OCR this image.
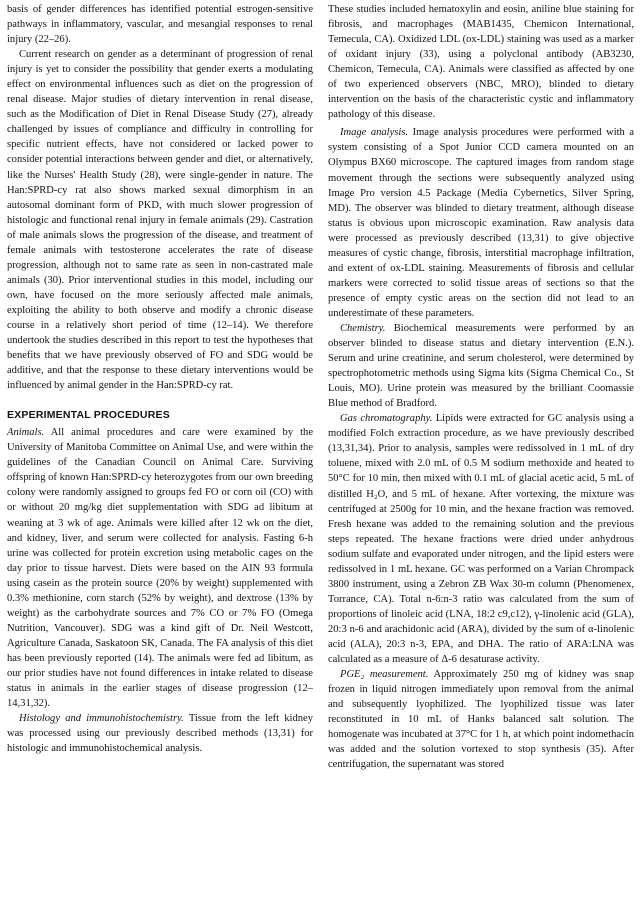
basis of gender differences has identified potential estrogen-sensitive pathways in inflammatory, vascular, and mesangial responses to renal injury (22–26).

Current research on gender as a determinant of progression of renal injury is yet to consider the possibility that gender exerts a modulating effect on environmental influences such as diet on the progression of renal disease. Major studies of dietary intervention in renal disease, such as the Modification of Diet in Renal Disease Study (27), already challenged by issues of compliance and difficulty in controlling for specific nutrient effects, have not considered or lacked power to consider potential interactions between gender and diet, or alternatively, like the Nurses' Health Study (28), were single-gender in nature. The Han:SPRD-cy rat also shows marked sexual dimorphism in an autosomal dominant form of PKD, with much slower progression of histologic and functional renal injury in female animals (29). Castration of male animals slows the progression of the disease, and treatment of female animals with testosterone accelerates the rate of disease progression, although not to same rate as seen in non-castrated male animals (30). Prior interventional studies in this model, including our own, have focused on the more seriously affected male animals, exploiting the ability to both observe and modify a chronic disease course in a relatively short period of time (12–14). We therefore undertook the studies described in this report to test the hypotheses that benefits that we have previously observed of FO and SDG would be additive, and that the response to these dietary interventions would be influenced by animal gender in the Han:SPRD-cy rat.

EXPERIMENTAL PROCEDURES

Animals. All animal procedures and care were examined by the University of Manitoba Committee on Animal Use, and were within the guidelines of the Canadian Council on Animal Care. Surviving offspring of known Han:SPRD-cy heterozygotes from our own breeding colony were randomly assigned to groups fed FO or corn oil (CO) with or without 20 mg/kg diet supplementation with SDG ad libitum at weaning at 3 wk of age. Animals were killed after 12 wk on the diet, and kidney, liver, and serum were collected for analysis. Fasting 6-h urine was collected for protein excretion using metabolic cages on the day prior to tissue harvest. Diets were based on the AIN 93 formula using casein as the protein source (20% by weight) supplemented with 0.3% methionine, corn starch (52% by weight), and dextrose (13% by weight) as the carbohydrate sources and 7% CO or 7% FO (Omega Nutrition, Vancouver). SDG was a kind gift of Dr. Neil Westcott, Agriculture Canada, Saskatoon SK, Canada. The FA analysis of this diet has been previously reported (14). The animals were fed ad libitum, as our prior studies have not found differences in intake related to disease status in animals in the earlier stages of disease progression (12–14,31,32).

Histology and immunohistochemistry. Tissue from the left kidney was processed using our previously described methods (13,31) for histologic and immunohistochemical analysis.

These studies included hematoxylin and eosin, aniline blue staining for fibrosis, and macrophages (MAB1435, Chemicon International, Temecula, CA). Oxidized LDL (ox-LDL) staining was used as a marker of oxidant injury (33), using a polyclonal antibody (AB3230, Chemicon, Temecula, CA). Animals were classified as affected by one of two experienced observers (NBC, MRO), blinded to dietary intervention on the basis of the characteristic cystic and inflammatory pathology of this disease.

Image analysis. Image analysis procedures were performed with a system consisting of a Spot Junior CCD camera mounted on an Olympus BX60 microscope. The captured images from random stage movement through the sections were subsequently analyzed using Image Pro version 4.5 Package (Media Cybernetics, Silver Spring, MD). The observer was blinded to dietary treatment, although disease status is obvious upon microscopic examination. Raw analysis data were processed as previously described (13,31) to give objective measures of cystic change, fibrosis, interstitial macrophage infiltration, and extent of ox-LDL staining. Measurements of fibrosis and cellular markers were corrected to solid tissue areas of sections so that the presence of empty cystic areas on the section did not lead to an underestimate of these parameters.

Chemistry. Biochemical measurements were performed by an observer blinded to disease status and dietary intervention (E.N.). Serum and urine creatinine, and serum cholesterol, were determined by spectrophotometric methods using Sigma kits (Sigma Chemical Co., St Louis, MO). Urine protein was measured by the brilliant Coomassie Blue method of Bradford.

Gas chromatography. Lipids were extracted for GC analysis using a modified Folch extraction procedure, as we have previously described (13,31,34). Prior to analysis, samples were redissolved in 1 mL of dry toluene, mixed with 2.0 mL of 0.5 M sodium methoxide and heated to 50°C for 10 min, then mixed with 0.1 mL of glacial acetic acid, 5 mL of distilled H₂O, and 5 mL of hexane. After vortexing, the mixture was centrifuged at 2500g for 10 min, and the hexane fraction was removed. Fresh hexane was added to the remaining solution and the previous steps repeated. The hexane fractions were dried under anhydrous sodium sulfate and evaporated under nitrogen, and the lipid esters were redissolved in 1 mL hexane. GC was performed on a Varian Chrompack 3800 instrument, using a Zebron ZB Wax 30-m column (Phenomenex, Torrance, CA). Total n-6:n-3 ratio was calculated from the sum of proportions of linoleic acid (LNA, 18:2 c9,c12), γ-linolenic acid (GLA), 20:3 n-6 and arachidonic acid (ARA), divided by the sum of α-linolenic acid (ALA), 20:3 n-3, EPA, and DHA. The ratio of ARA:LNA was calculated as a measure of Δ-6 desaturase activity.

PGE₂ measurement. Approximately 250 mg of kidney was snap frozen in liquid nitrogen immediately upon removal from the animal and subsequently lyophilized. The lyophilized tissue was later reconstituted in 10 mL of Hanks balanced salt solution. The homogenate was incubated at 37°C for 1 h, at which point indomethacin was added and the solution vortexed to stop synthesis (35). After centrifugation, the supernatant was stored
